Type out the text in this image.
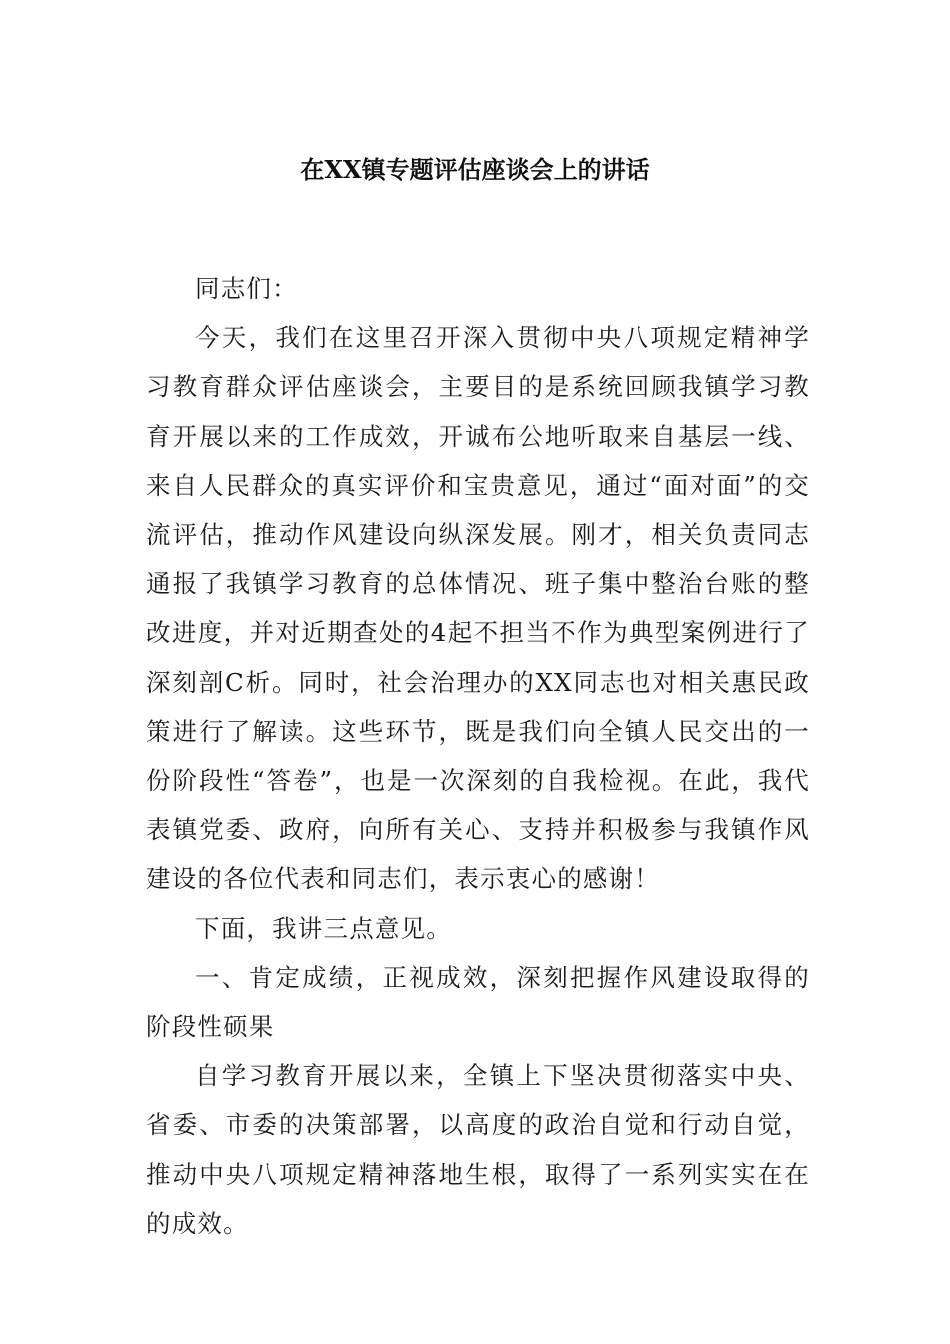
在XX镇专题评估座谈会上的讲话

同志们：

今天，我们在这里召开深入贯彻中央八项规定精神学习教育群众评估座谈会，主要目的是系统回顾我镇学习教育开展以来的工作成效，开诚布公地听取来自基层一线、来自人民群众的真实评价和宝贵意见，通过“面对面”的交流评估，推动作风建设向纵深发展。刚才，相关负责同志通报了我镇学习教育的总体情况、班子集中整治台账的整改进度，并对近期查处的4起不担当不作为典型案例进行了深刻剖C析。同时，社会治理办的XX同志也对相关惠民政策进行了解读。这些环节，既是我们向全镇人民交出的一份阶段性“答卷”，也是一次深刻的自我检视。在此，我代表镇党委、政府，向所有关心、支持并积极参与我镇作风建设的各位代表和同志们，表示衷心的感谢！

下面，我讲三点意见。

一、肯定成绩，正视成效，深刻把握作风建设取得的阶段性硕果

自学习教育开展以来，全镇上下坚决贯彻落实中央、省委、市委的决策部署，以高度的政治自觉和行动自觉，推动中央八项规定精神落地生根，取得了一系列实实在在的成效。
